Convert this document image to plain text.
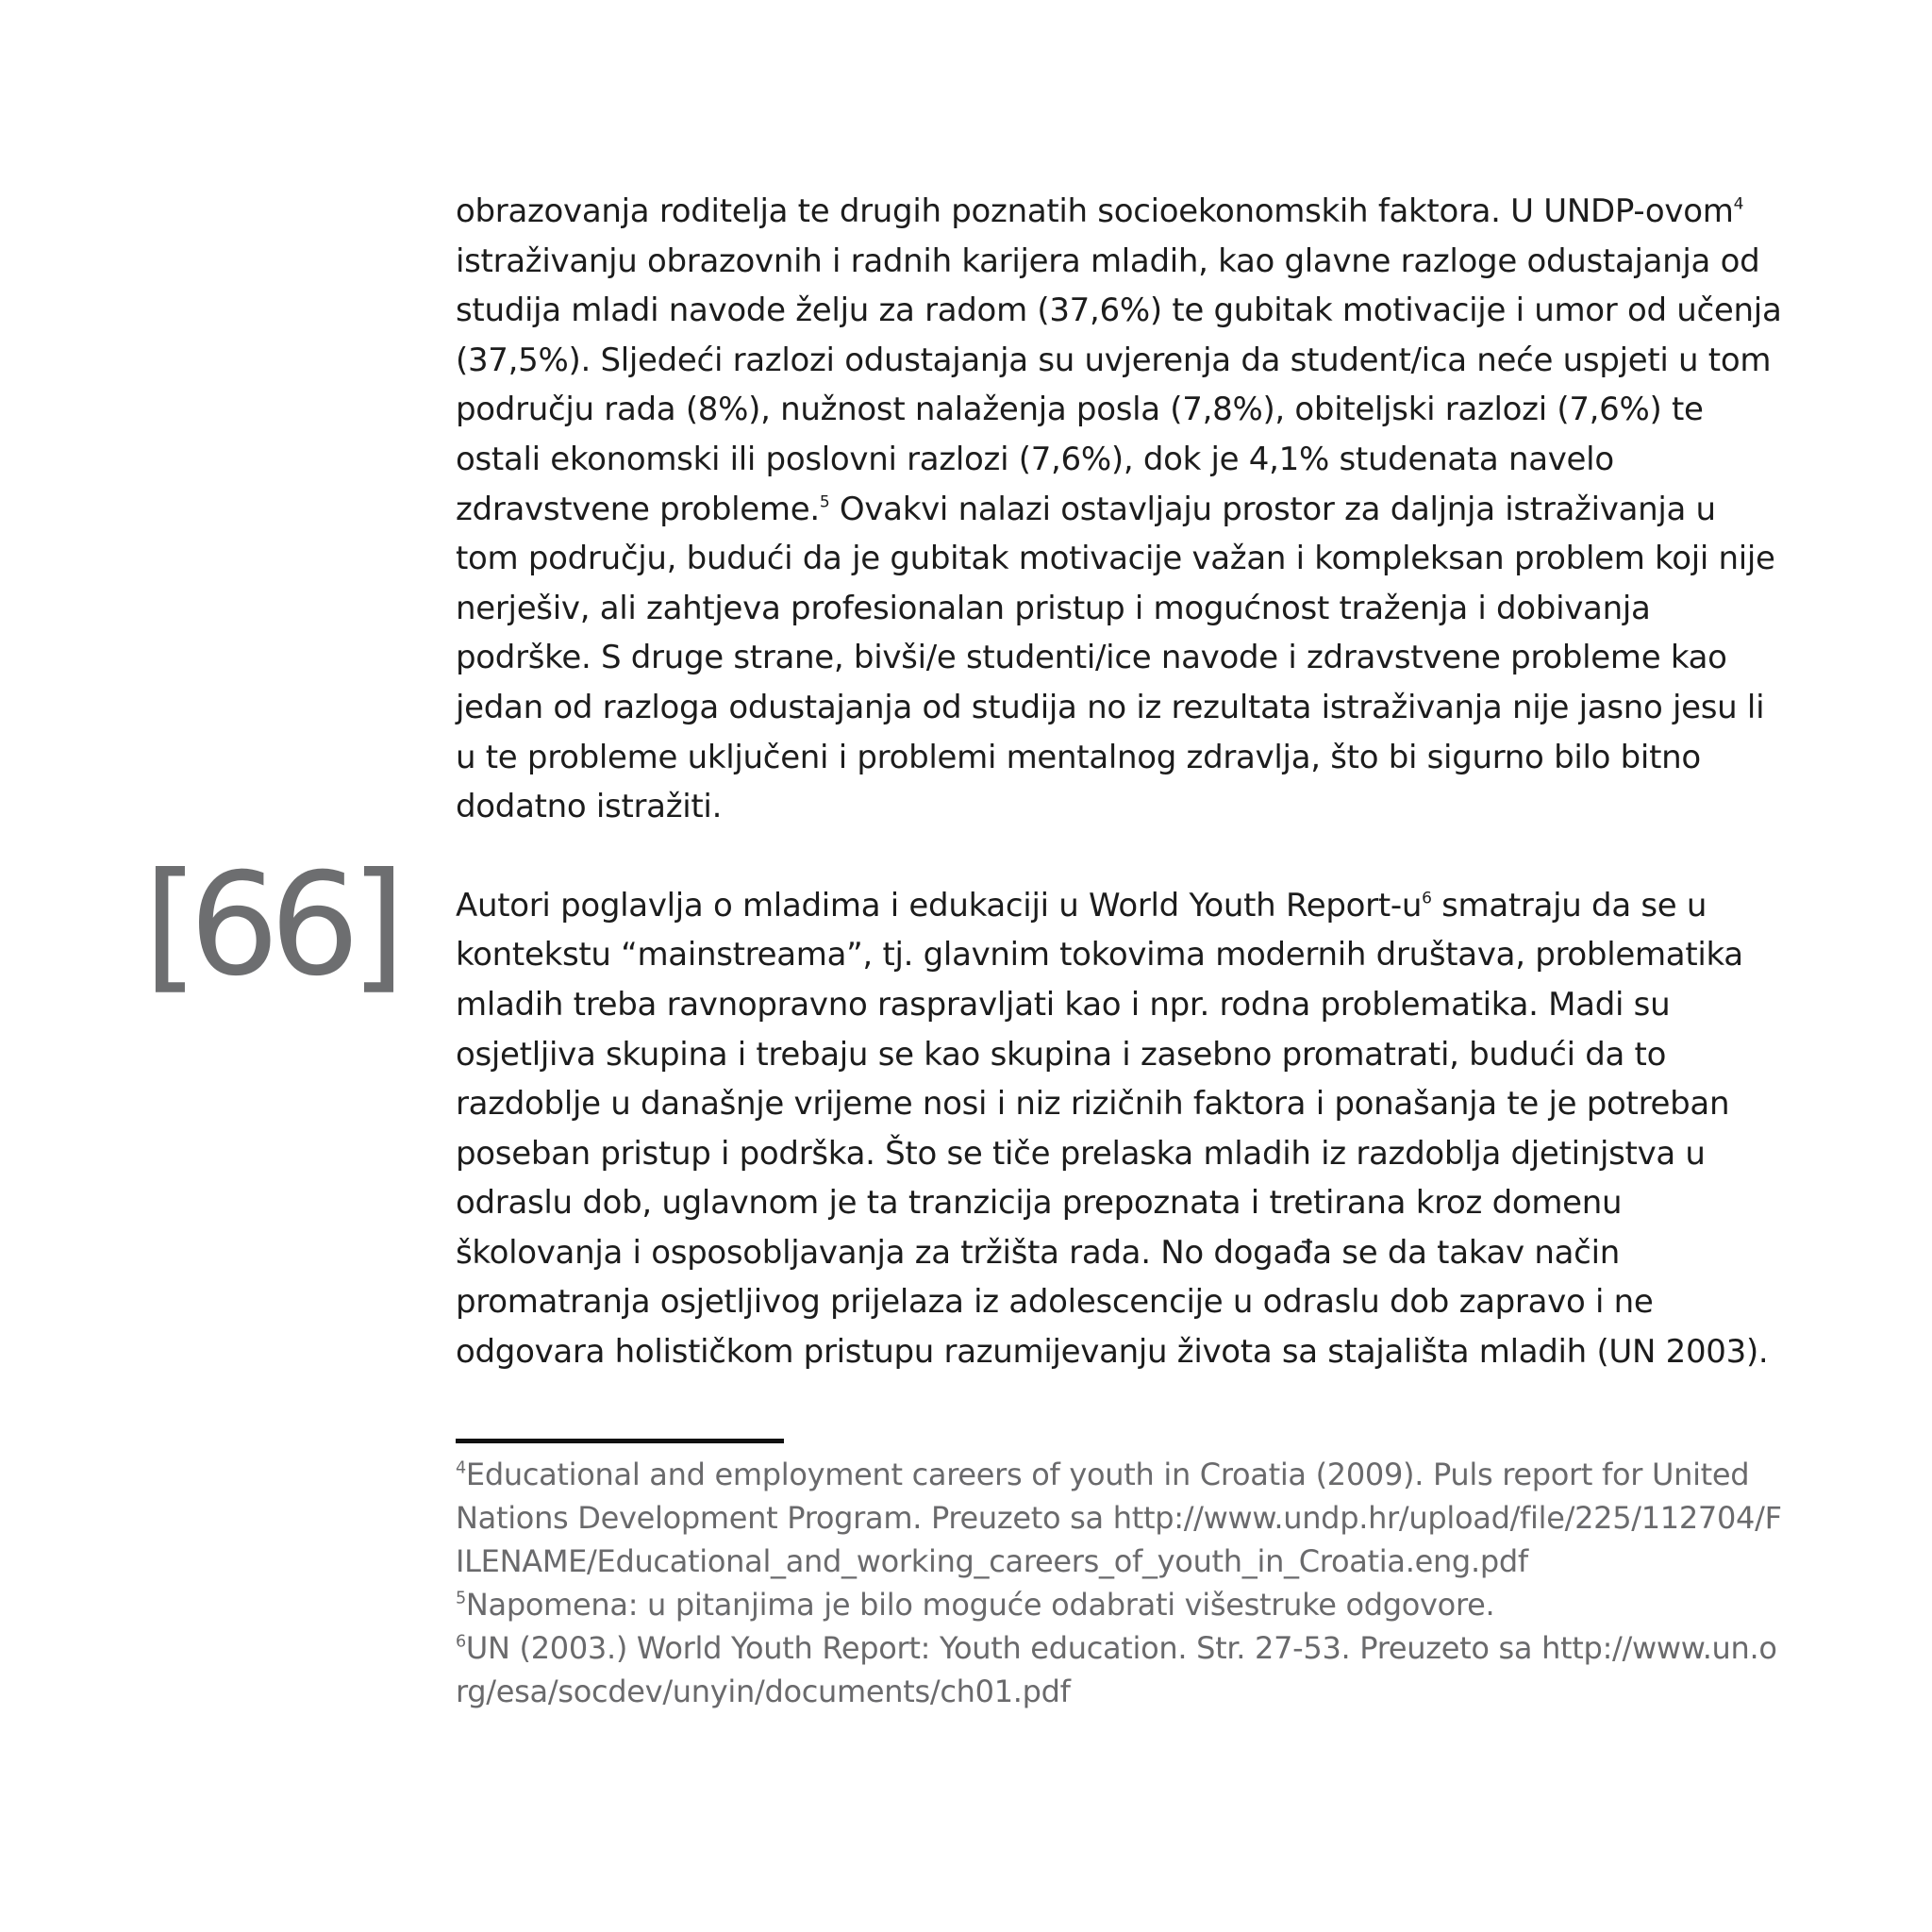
[66]

obrazovanja roditelja te drugih poznatih socioekonomskih faktora. U UNDP-ovom$^4$ istraživanju obrazovnih i radnih karijera mladih, kao glavne razloge odustajanja od studija mladi navode želju za radom (37,6%) te gubitak motivacije i umor od učenja (37,5%). Sljedeći razlozi odustajanja su uvjerenja da student/ica neće uspjeti u tom području rada (8%), nužnost nalaženja posla (7,8%), obiteljski razlozi (7,6%) te ostali ekonomski ili poslovni razlozi (7,6%), dok je 4,1% studenata navelo zdravstvene probleme.$^5$ Ovakvi nalazi ostavljaju prostor za daljnja istraživanja u tom području, budući da je gubitak motivacije važan i kompleksan problem koji nije nerješiv, ali zahtjeva profesionalan pristup i mogućnost traženja i dobivanja podrške. S druge strane, bivši/e studenti/ice navode i zdravstvene probleme kao jedan od razloga odustajanja od studija no iz rezultata istraživanja nije jasno jesu li u te probleme uključeni i problemi mentalnog zdravlja, što bi sigurno bilo bitno dodatno istražiti.

Autori poglavlja o mladima i edukaciji u World Youth Report-$u^6$ smatraju da se u kontekstu “mainstreama”, tj. glavnim tokovima modernih društava, problematika mladih treba ravnopravno raspravljati kao i npr. rodna problematika. Madi su osjetljiva skupina i trebaju se kao skupina i zasebno promatrati, budući da to razdoblje u današnje vrijeme nosi i niz rizičnih faktora i ponašanja te je potreban poseban pristup i podrška. Što se tiče prelaska mladih iz razdoblja djetinjstva u odraslu dob, uglavnom je ta tranzicija prepoznata i tretirana kroz domenu školovanja i osposobljavanja za tržišta rada. No događa se da takav način promatranja osjetljivog prijelaza iz adolescencije u odraslu dob zapravo i ne odgovara holističkom pristupu razumijevanju života sa stajališta mladih (UN 2003).

$^4$Educational and employment careers of youth in Croatia (2009). Puls report for United Nations Development Program. Preuzeto sa http://www.undp.hr/upload/file/225/112704/FILENAME/Educational_and_working_careers_of_youth_in_Croatia.eng.pdf

$^5$Napomena: u pitanjima je bilo moguće odabrati višestruke odgovore.

$^6$UN (2003.) World Youth Report: Youth education. Str. 27-53. Preuzeto sa http://www.un.org/esa/socdev/unyin/documents/ch01.pdf
